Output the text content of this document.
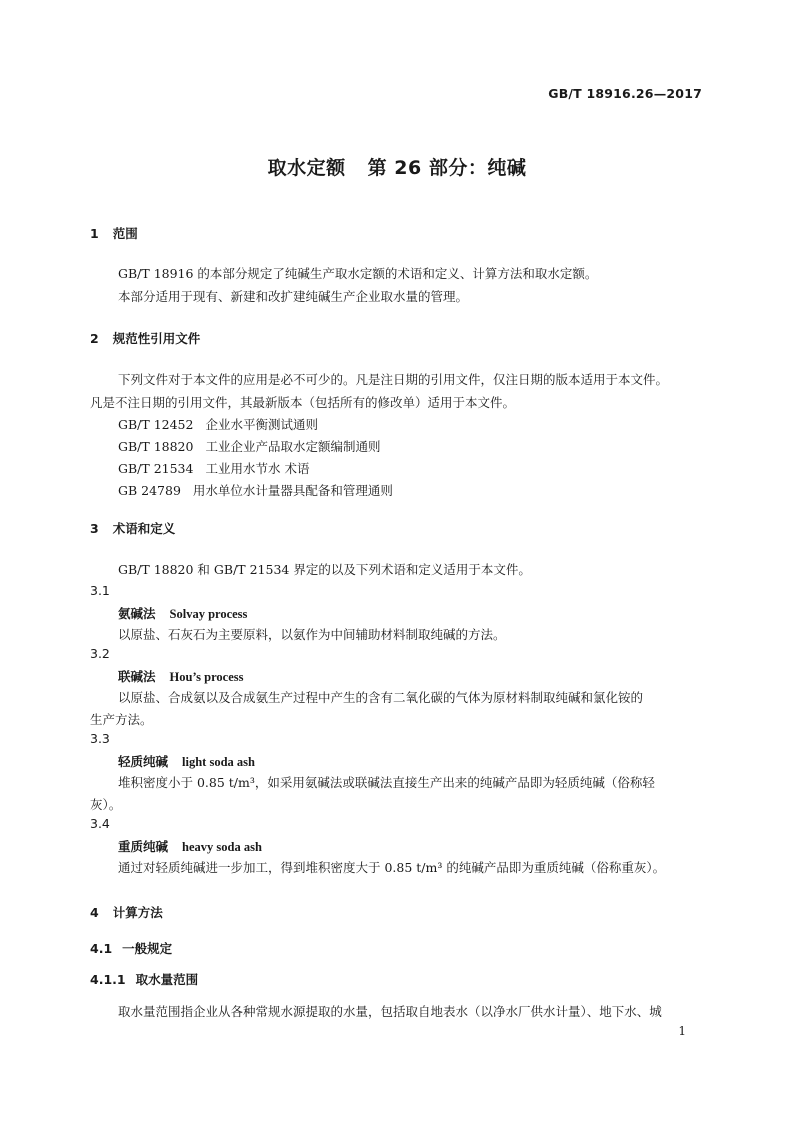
GB/T 18916.26—2017
取水定额 第 26 部分：纯碱
1 范围
GB/T 18916 的本部分规定了纯碱生产取水定额的术语和定义、计算方法和取水定额。
本部分适用于现有、新建和改扩建纯碱生产企业取水量的管理。
2 规范性引用文件
下列文件对于本文件的应用是必不可少的。凡是注日期的引用文件，仅注日期的版本适用于本文件。
凡是不注日期的引用文件，其最新版本（包括所有的修改单）适用于本文件。
GB/T 12452 企业水平衡测试通则
GB/T 18820 工业企业产品取水定额编制通则
GB/T 21534 工业用水节水 术语
GB 24789 用水单位水计量器具配备和管理通则
3 术语和定义
GB/T 18820 和 GB/T 21534 界定的以及下列术语和定义适用于本文件。
3.1
氨碱法 Solvay process
以原盐、石灰石为主要原料，以氨作为中间辅助材料制取纯碱的方法。
3.2
联碱法 Hou’s process
以原盐、合成氨以及合成氨生产过程中产生的含有二氧化碳的气体为原材料制取纯碱和氯化铵的
生产方法。
3.3
轻质纯碱 light soda ash
堆积密度小于 0.85 t/m³，如采用氨碱法或联碱法直接生产出来的纯碱产品即为轻质纯碱（俗称轻
灰）。
3.4
重质纯碱 heavy soda ash
通过对轻质纯碱进一步加工，得到堆积密度大于 0.85 t/m³ 的纯碱产品即为重质纯碱（俗称重灰）。
4 计算方法
4.1 一般规定
4.1.1 取水量范围
取水量范围指企业从各种常规水源提取的水量，包括取自地表水（以净水厂供水计量）、地下水、城
1
